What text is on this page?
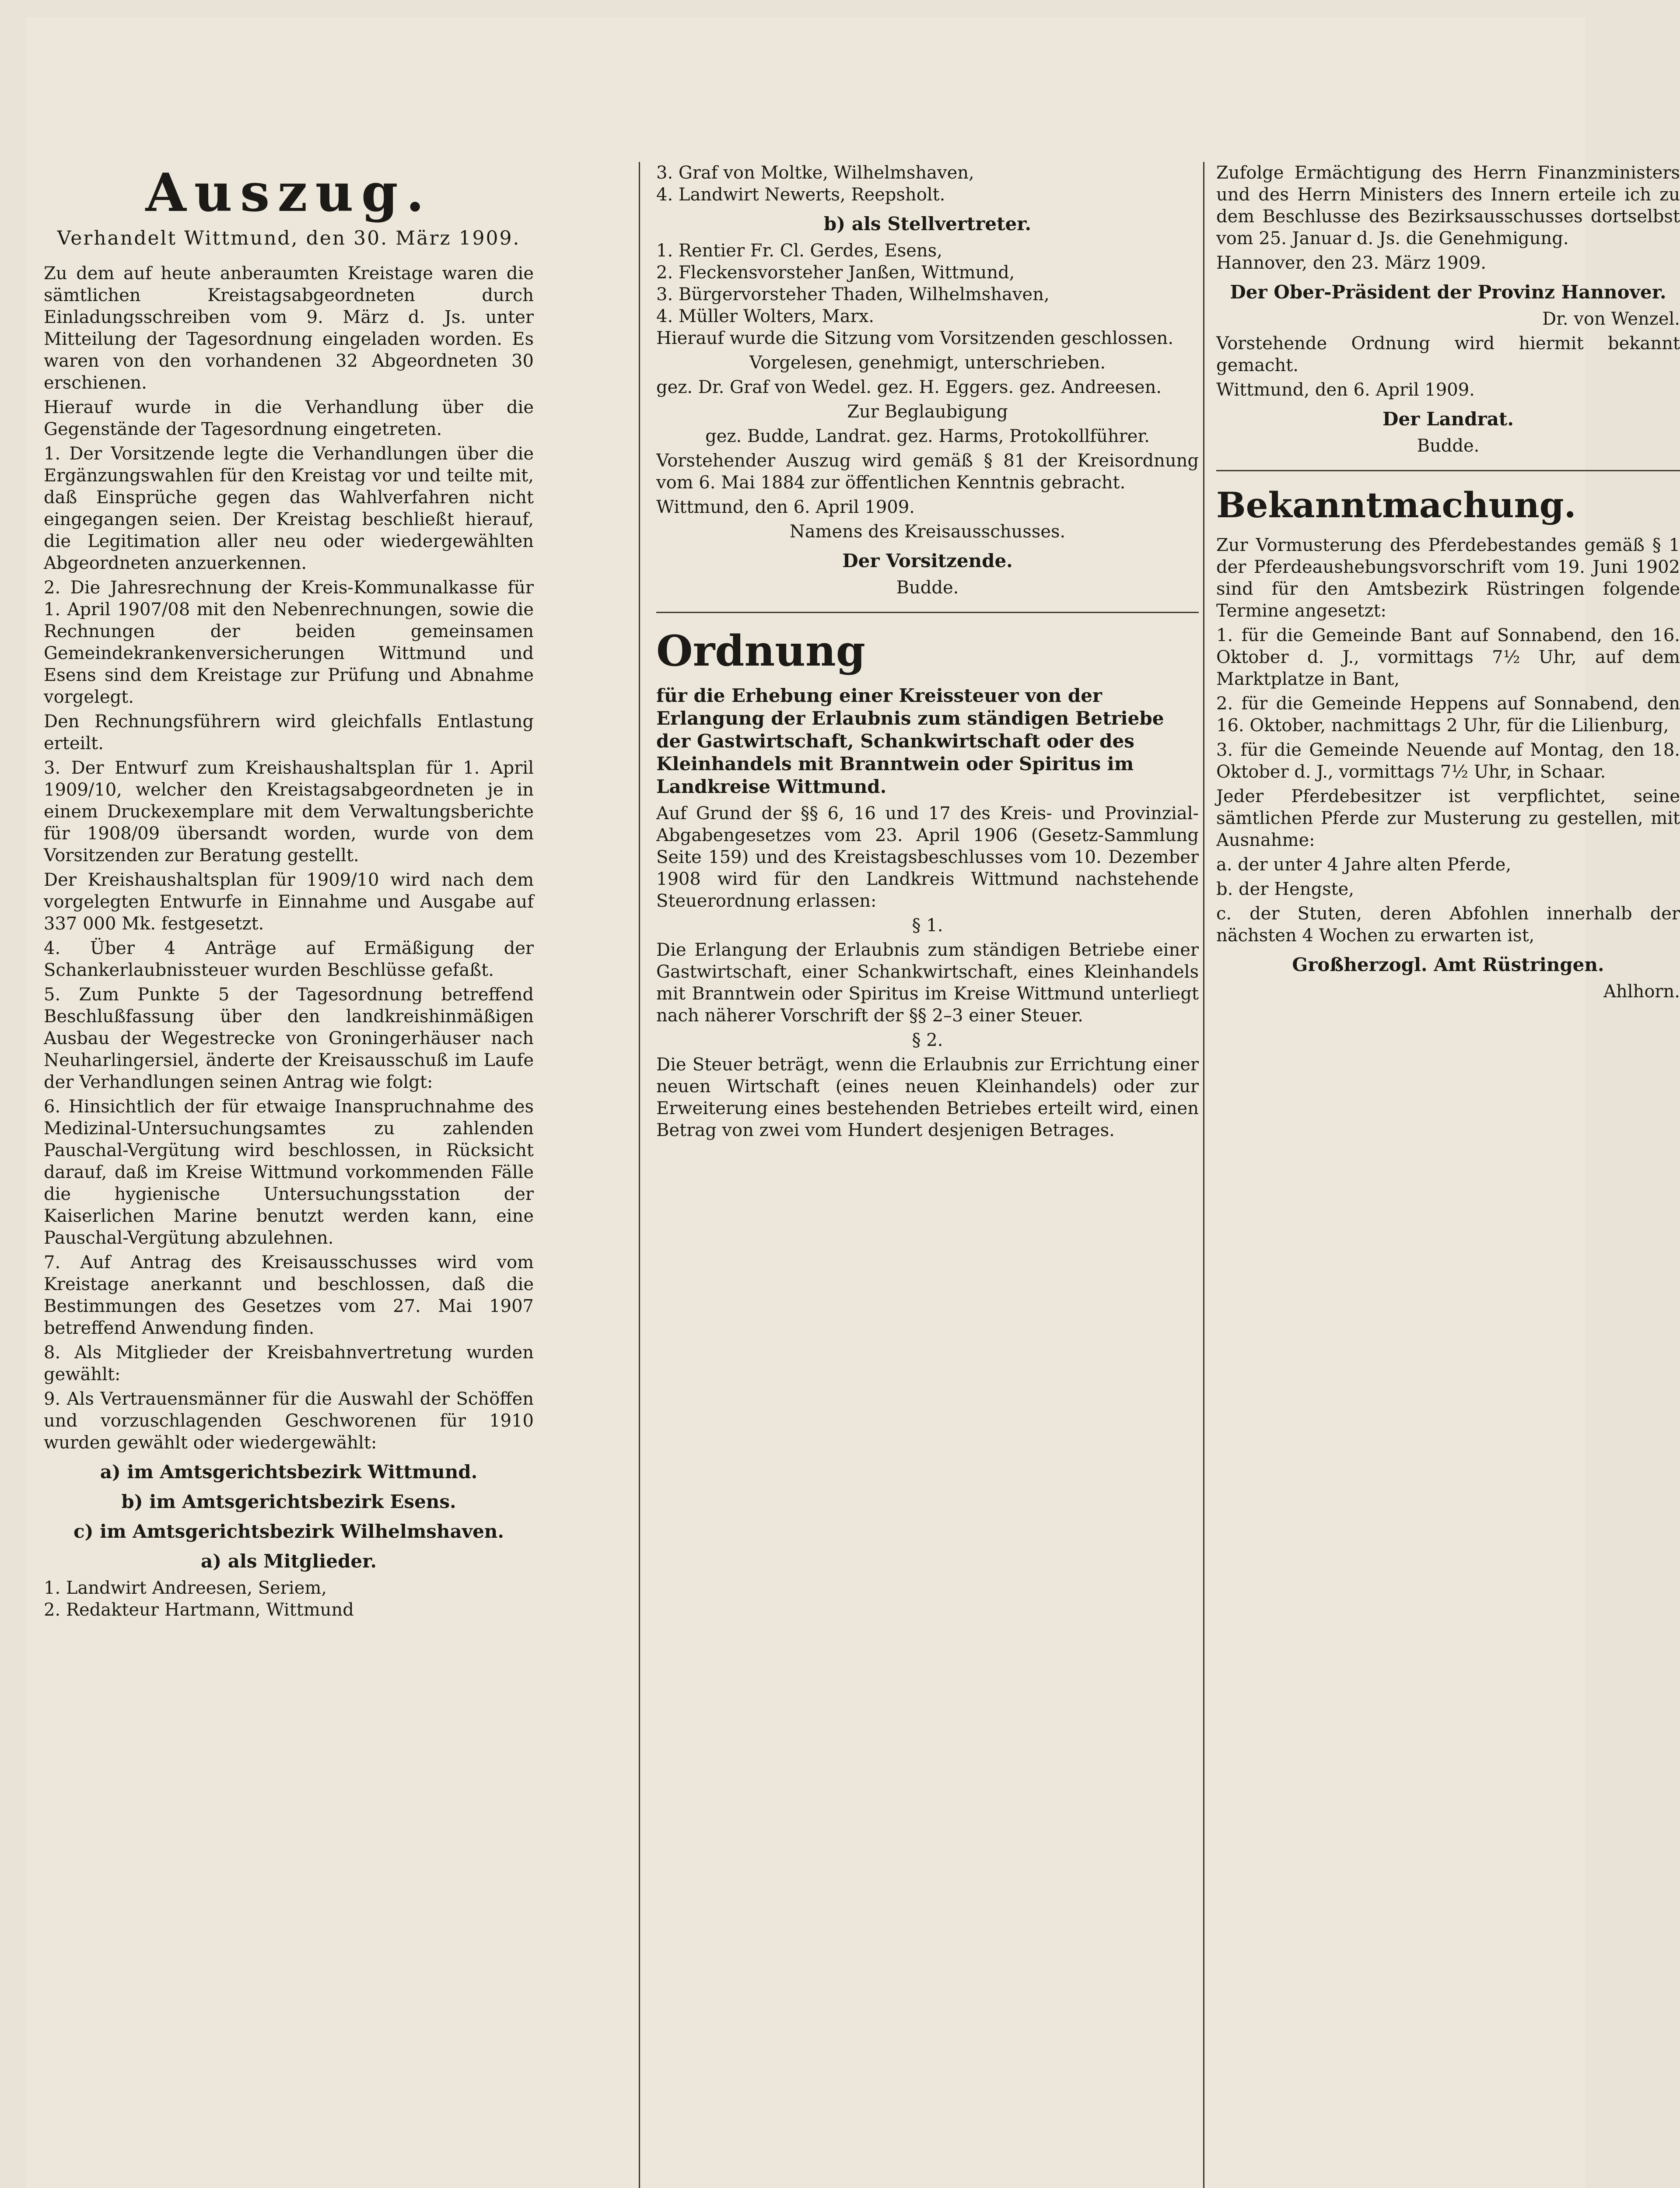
Auszug.
Verhandelt Wittmund, den 30. März 1909.
Zu dem auf heute anberaumten Kreistage waren die sämtlichen Kreistagsabgeordneten durch Einladungsschreiben vom 9. März d. Js. unter Mitteilung der Tagesordnung eingeladen worden. Es waren von den vorhandenen 32 Abgeordneten 30 erschienen.
Hierauf wurde in die Verhandlung über die Gegenstände der Tagesordnung eingetreten.
1. Der Vorsitzende legte die Verhandlungen über die Ergänzungswahlen für den Kreistag vor und teilte mit, daß Einsprüche gegen das Wahlverfahren nicht eingegangen seien. Der Kreistag beschließt hierauf, die Legitimation aller neu oder wiedergewählten Abgeordneten anzuerkennen.
2. Die Jahresrechnung der Kreis-Kommunalkasse für 1. April 1907/08 mit den Nebenrechnungen, sowie die Rechnungen der beiden gemeinsamen Gemeindekrankenversicherungen Wittmund und Esens sind dem Kreistage zur Prüfung und Abnahme vorgelegt.
Den Rechnungsführern wird gleichfalls Entlastung erteilt.
3. Der Entwurf zum Kreishaushaltsplan für 1. April 1909/10, welcher den Kreistagsabgeordneten je in einem Druckexemplare mit dem Verwaltungsberichte für 1908/09 übersandt worden, wurde von dem Vorsitzenden zur Beratung gestellt.
Der Kreishaushaltsplan für 1909/10 wird nach dem vorgelegten Entwurfe in Einnahme und Ausgabe auf 337 000 Mk. festgesetzt.
4. Über 4 Anträge auf Ermäßigung der Schankerlaubnissteuer wurden Beschlüsse gefaßt.
5. Zum Punkte 5 der Tagesordnung betreffend Beschlußfassung über den landkreishinmäßigen Ausbau der Wegestrecke von Groningerhäuser nach Neuharlingersiel, änderte der Kreisausschuß im Laufe der Verhandlungen seinen Antrag wie folgt:
6. Hinsichtlich der für etwaige Inanspruchnahme des Medizinal-Untersuchungsamtes zu zahlenden Pauschal-Vergütung wird beschlossen, in Rücksicht darauf, daß im Kreise Wittmund vorkommenden Fälle die hygienische Untersuchungsstation der Kaiserlichen Marine benutzt werden kann, eine Pauschal-Vergütung abzulehnen.
7. Auf Antrag des Kreisausschusses wird vom Kreistage anerkannt und beschlossen, daß die Bestimmungen des Gesetzes vom 27. Mai 1907 betreffend Anwendung finden.
8. Als Mitglieder der Kreisbahnvertretung wurden gewählt:
9. Als Vertrauensmänner für die Auswahl der Schöffen und vorzuschlagenden Geschworenen für 1910 wurden gewählt oder wiedergewählt:
a) im Amtsgerichtsbezirk Wittmund.
b) im Amtsgerichtsbezirk Esens.
c) im Amtsgerichtsbezirk Wilhelmshaven.
a) als Mitglieder.
1. Landwirt Andreesen, Seriem,
2. Redakteur Hartmann, Wittmund
3. Graf von Moltke, Wilhelmshaven,
4. Landwirt Newerts, Reepsholt.
b) als Stellvertreter.
1. Rentier Fr. Cl. Gerdes, Esens,
2. Fleckensvorsteher Janßen, Wittmund,
3. Bürgervorsteher Thaden, Wilhelmshaven,
4. Müller Wolters, Marx.
Hierauf wurde die Sitzung vom Vorsitzenden geschlossen.
Vorgelesen, genehmigt, unterschrieben.
gez. Dr. Graf von Wedel. gez. H. Eggers. gez. Andreesen.
Zur Beglaubigung
gez. Budde, Landrat. gez. Harms, Protokollführer.
Vorstehender Auszug wird gemäß § 81 der Kreisordnung vom 6. Mai 1884 zur öffentlichen Kenntnis gebracht.
Wittmund, den 6. April 1909.
Namens des Kreisausschusses.
Der Vorsitzende.
Budde.
Ordnung
für die Erhebung einer Kreissteuer von der Erlangung der Erlaubnis zum ständigen Betriebe der Gastwirtschaft, Schankwirtschaft oder des Kleinhandels mit Branntwein oder Spiritus im Landkreise Wittmund.
Auf Grund der §§ 6, 16 und 17 des Kreis- und Provinzial-Abgabengesetzes vom 23. April 1906 (Gesetz-Sammlung Seite 159) und des Kreistagsbeschlusses vom 10. Dezember 1908 wird für den Landkreis Wittmund nachstehende Steuerordnung erlassen:
§ 1.
Die Erlangung der Erlaubnis zum ständigen Betriebe einer Gastwirtschaft, einer Schankwirtschaft, eines Kleinhandels mit Branntwein oder Spiritus im Kreise Wittmund unterliegt nach näherer Vorschrift der §§ 2–3 einer Steuer.
§ 2.
Die Steuer beträgt, wenn die Erlaubnis zur Errichtung einer neuen Wirtschaft (eines neuen Kleinhandels) oder zur Erweiterung eines bestehenden Betriebes erteilt wird, einen Betrag von zwei vom Hundert desjenigen Betrages.
Zufolge Ermächtigung des Herrn Finanzministers und des Herrn Ministers des Innern erteile ich zu dem Beschlusse des Bezirksausschusses dortselbst vom 25. Januar d. Js. die Genehmigung.
Hannover, den 23. März 1909.
Der Ober-Präsident der Provinz Hannover.
Dr. von Wenzel.
Vorstehende Ordnung wird hiermit bekannt gemacht.
Wittmund, den 6. April 1909.
Der Landrat.
Budde.
Bekanntmachung.
Zur Vormusterung des Pferdebestandes gemäß § 1 der Pferdeaushebungsvorschrift vom 19. Juni 1902 sind für den Amtsbezirk Rüstringen folgende Termine angesetzt:
1. für die Gemeinde Bant auf Sonnabend, den 16. Oktober d. J., vormittags 7½ Uhr, auf dem Marktplatze in Bant,
2. für die Gemeinde Heppens auf Sonnabend, den 16. Oktober, nachmittags 2 Uhr, für die Lilienburg,
3. für die Gemeinde Neuende auf Montag, den 18. Oktober d. J., vormittags 7½ Uhr, in Schaar.
Jeder Pferdebesitzer ist verpflichtet, seine sämtlichen Pferde zur Musterung zu gestellen, mit Ausnahme:
a. der unter 4 Jahre alten Pferde,
b. der Hengste,
c. der Stuten, deren Abfohlen innerhalb der nächsten 4 Wochen zu erwarten ist,
Großherzogl. Amt Rüstringen.
Ahlhorn.
